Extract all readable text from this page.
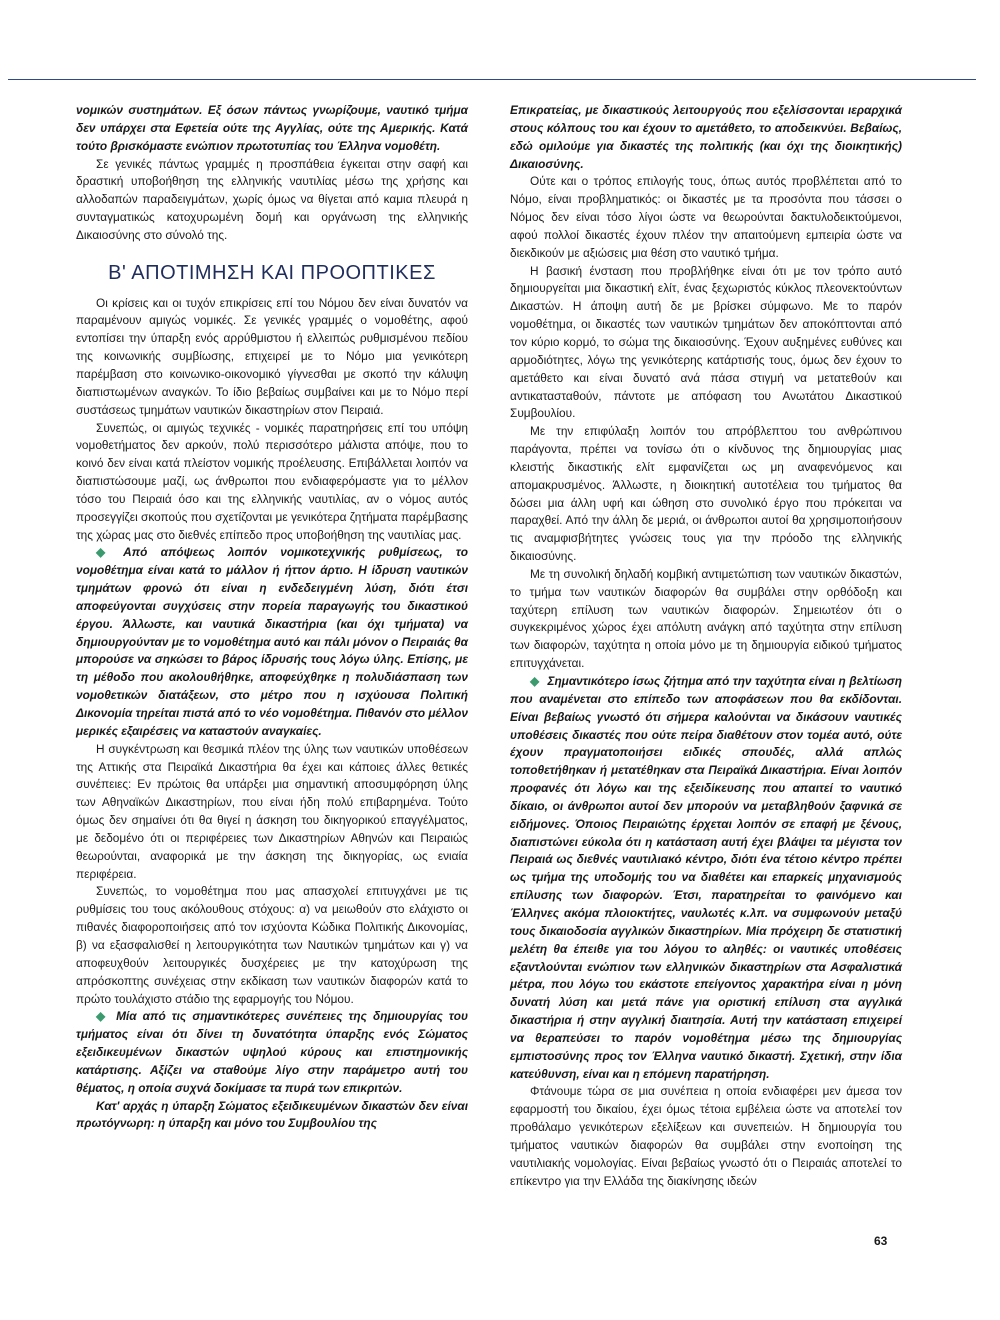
νομικών συστημάτων. Εξ όσων πάντως γνωρίζουμε, ναυτικό τμήμα δεν υπάρχει στα Εφετεία ούτε της Αγγλίας, ούτε της Αμερικής. Κατά τούτο βρισκόμαστε ενώπιον πρωτοτυπίας του Έλληνα νομοθέτη.

Σε γενικές πάντως γραμμές η προσπάθεια έγκειται στην σαφή και δραστική υποβοήθηση της ελληνικής ναυτιλίας μέσω της χρήσης και αλλοδαπών παραδειγμάτων, χωρίς όμως να θίγεται από καμια πλευρά η συνταγματικώς κατοχυρωμένη δομή και οργάνωση της ελληνικής Δικαιοσύνης στο σύνολό της.

Β' ΑΠΟΤΙΜΗΣΗ ΚΑΙ ΠΡΟΟΠΤΙΚΕΣ

Οι κρίσεις και οι τυχόν επικρίσεις επί του Νόμου δεν είναι δυνατόν να παραμένουν αμιγώς νομικές. Σε γενικές γραμμές ο νομοθέτης, αφού εντοπίσει την ύπαρξη ενός αρρύθμιστου ή ελλειπώς ρυθμισμένου πεδίου της κοινωνικής συμβίωσης, επιχειρεί με το Νόμο μια γενικότερη παρέμβαση στο κοινωνικο-οικονομικό γίγνεσθαι με σκοπό την κάλυψη διαπιστωμένων αναγκών. Το ίδιο βεβαίως συμβαίνει και με το Νόμο περί συστάσεως τμημάτων ναυτικών δικαστηρίων στον Πειραιά.

Συνεπώς, οι αμιγώς τεχνικές - νομικές παρατηρήσεις επί του υπόψη νομοθετήματος δεν αρκούν, πολύ περισσότερο μάλιστα απόψε, που το κοινό δεν είναι κατά πλείστον νομικής προέλευσης. Επιβάλλεται λοιπόν να διαπιστώσουμε μαζί, ως άνθρωποι που ενδιαφερόμαστε για το μέλλον τόσο του Πειραιά όσο και της ελληνικής ναυτιλίας, αν ο νόμος αυτός προσεγγίζει σκοπούς που σχετίζονται με γενικότερα ζητήματα παρέμβασης της χώρας μας στο διεθνές επίπεδο προς υποβοήθηση της ναυτιλίας μας.

◆ Από απόψεως λοιπόν νομικοτεχνικής ρυθμίσεως, το νομοθέτημα είναι κατά το μάλλον ή ήττον άρτιο. Η ίδρυση ναυτικών τμημάτων φρονώ ότι είναι η ενδεδειγμένη λύση, διότι έτσι αποφεύγονται συγχύσεις στην πορεία παραγωγής του δικαστικού έργου. Άλλωστε, και ναυτικά δικαστήρια (και όχι τμήματα) να δημιουργούνταν με το νομοθέτημα αυτό και πάλι μόνον ο Πειραιάς θα μπορούσε να σηκώσει το βάρος ίδρυσής τους λόγω ύλης. Επίσης, με τη μέθοδο που ακολουθήθηκε, αποφεύχθηκε η πολυδιάσπαση των νομοθετικών διατάξεων, στο μέτρο που η ισχύουσα Πολιτική Δικονομία τηρείται πιστά από το νέο νομοθέτημα. Πιθανόν στο μέλλον μερικές εξαιρέσεις να καταστούν αναγκαίες.

Η συγκέντρωση και θεσμικά πλέον της ύλης των ναυτικών υποθέσεων της Αττικής στα Πειραϊκά Δικαστήρια θα έχει και κάποιες άλλες θετικές συνέπειες: Εν πρώτοις θα υπάρξει μια σημαντική αποσυμφόρηση ύλης των Αθηναϊκών Δικαστηρίων, που είναι ήδη πολύ επιβαρημένα. Τούτο όμως δεν σημαίνει ότι θα θιγεί η άσκηση του δικηγορικού επαγγέλματος, με δεδομένο ότι οι περιφέρειες των Δικαστηρίων Αθηνών και Πειραιώς θεωρούνται, αναφορικά με την άσκηση της δικηγορίας, ως ενιαία περιφέρεια.

Συνεπώς, το νομοθέτημα που μας απασχολεί επιτυγχάνει με τις ρυθμίσεις του τους ακόλουθους στόχους: α) να μειωθούν στο ελάχιστο οι πιθανές διαφοροποιήσεις από τον ισχύοντα Κώδικα Πολιτικής Δικονομίας, β) να εξασφαλισθεί η λειτουργικότητα των Ναυτικών τμημάτων και γ) να αποφευχθούν λειτουργικές δυσχέρειες με την κατοχύρωση της απρόσκοπτης συνέχειας στην εκδίκαση των ναυτικών διαφορών κατά το πρώτο τουλάχιστο στάδιο της εφαρμογής του Νόμου.

◆ Μία από τις σημαντικότερες συνέπειες της δημιουργίας του τμήματος είναι ότι δίνει τη δυνατότητα ύπαρξης ενός Σώματος εξειδικευμένων δικαστών υψηλού κύρους και επιστημονικής κατάρτισης. Αξίζει να σταθούμε λίγο στην παράμετρο αυτή του θέματος, η οποία συχνά δοκίμασε τα πυρά των επικριτών.

Κατ' αρχάς η ύπαρξη Σώματος εξειδικευμένων δικαστών δεν είναι πρωτόγνωρη: η ύπαρξη και μόνο του Συμβουλίου της

Επικρατείας, με δικαστικούς λειτουργούς που εξελίσσονται ιεραρχικά στους κόλπους του και έχουν το αμετάθετο, το αποδεικνύει. Βεβαίως, εδώ ομιλούμε για δικαστές της πολιτικής (και όχι της διοικητικής) Δικαιοσύνης.

Ούτε και ο τρόπος επιλογής τους, όπως αυτός προβλέπεται από το Νόμο, είναι προβληματικός: οι δικαστές με τα προσόντα που τάσσει ο Νόμος δεν είναι τόσο λίγοι ώστε να θεωρούνται δακτυλοδεικτούμενοι, αφού πολλοί δικαστές έχουν πλέον την απαιτούμενη εμπειρία ώστε να διεκδικούν με αξιώσεις μια θέση στο ναυτικό τμήμα.

Η βασική ένσταση που προβλήθηκε είναι ότι με τον τρόπο αυτό δημιουργείται μια δικαστική ελίτ, ένας ξεχωριστός κύκλος πλεονεκτούντων Δικαστών. Η άποψη αυτή δε με βρίσκει σύμφωνο. Με το παρόν νομοθέτημα, οι δικαστές των ναυτικών τμημάτων δεν αποκόπτονται από τον κύριο κορμό, το σώμα της δικαιοσύνης. Έχουν αυξημένες ευθύνες και αρμοδιότητες, λόγω της γενικότερης κατάρτισής τους, όμως δεν έχουν το αμετάθετο και είναι δυνατό ανά πάσα στιγμή να μετατεθούν και αντικατασταθούν, πάντοτε με απόφαση του Ανωτάτου Δικαστικού Συμβουλίου.

Με την επιφύλαξη λοιπόν του απρόβλεπτου του ανθρώπινου παράγοντα, πρέπει να τονίσω ότι ο κίνδυνος της δημιουργίας μιας κλειστής δικαστικής ελίτ εμφανίζεται ως μη αναφενόμενος και απομακρυσμένος. Άλλωστε, η διοικητική αυτοτέλεια του τμήματος θα δώσει μια άλλη υφή και ώθηση στο συνολικό έργο που πρόκειται να παραχθεί. Από την άλλη δε μεριά, οι άνθρωποι αυτοί θα χρησιμοποιήσουν τις αναμφισβήτητες γνώσεις τους για την πρόοδο της ελληνικής δικαιοσύνης.

Με τη συνολική δηλαδή κομβική αντιμετώπιση των ναυτικών δικαστών, το τμήμα των ναυτικών διαφορών θα συμβάλει στην ορθόδοξη και ταχύτερη επίλυση των ναυτικών διαφορών. Σημειωτέον ότι ο συγκεκριμένος χώρος έχει απόλυτη ανάγκη από ταχύτητα στην επίλυση των διαφορών, ταχύτητα η οποία μόνο με τη δημιουργία ειδικού τμήματος επιτυγχάνεται.

◆ Σημαντικότερο ίσως ζήτημα από την ταχύτητα είναι η βελτίωση που αναμένεται στο επίπεδο των αποφάσεων που θα εκδίδονται. Είναι βεβαίως γνωστό ότι σήμερα καλούνται να δικάσουν ναυτικές υποθέσεις δικαστές που ούτε πείρα διαθέτουν στον τομέα αυτό, ούτε έχουν πραγματοποιήσει ειδικές σπουδές, αλλά απλώς τοποθετήθηκαν ή μετατέθηκαν στα Πειραϊκά Δικαστήρια. Είναι λοιπόν προφανές ότι λόγω και της εξειδίκευσης που απαιτεί το ναυτικό δίκαιο, οι άνθρωποι αυτοί δεν μπορούν να μεταβληθούν ξαφνικά σε ειδήμονες. Όποιος Πειραιώτης έρχεται λοιπόν σε επαφή με ξένους, διαπιστώνει εύκολα ότι η κατάσταση αυτή έχει βλάψει τα μέγιστα τον Πειραιά ως διεθνές ναυτιλιακό κέντρο, διότι ένα τέτοιο κέντρο πρέπει ως τμήμα της υποδομής του να διαθέτει και επαρκείς μηχανισμούς επίλυσης των διαφορών. Έτσι, παρατηρείται το φαινόμενο και Έλληνες ακόμα πλοιοκτήτες, ναυλωτές κ.λπ. να συμφωνούν μεταξύ τους δικαιοδοσία αγγλικών δικαστηρίων. Μία πρόχειρη δε στατιστική μελέτη θα έπειθε για του λόγου το αληθές: οι ναυτικές υποθέσεις εξαντλούνται ενώπιον των ελληνικών δικαστηρίων στα Ασφαλιστικά μέτρα, που λόγω του εκάστοτε επείγοντος χαρακτήρα είναι η μόνη δυνατή λύση και μετά πάνε για οριστική επίλυση στα αγγλικά δικαστήρια ή στην αγγλική διαιτησία. Αυτή την κατάσταση επιχειρεί να θεραπεύσει το παρόν νομοθέτημα μέσω της δημιουργίας εμπιστοσύνης προς τον Έλληνα ναυτικό δικαστή. Σχετική, στην ίδια κατεύθυνση, είναι και η επόμενη παρατήρηση.

Φτάνουμε τώρα σε μια συνέπεια η οποία ενδιαφέρει μεν άμεσα τον εφαρμοστή του δικαίου, έχει όμως τέτοια εμβέλεια ώστε να αποτελεί τον προθάλαμο γενικότερων εξελίξεων και συνεπειών. Η δημιουργία του τμήματος ναυτικών διαφορών θα συμβάλει στην ενοποίηση της ναυτιλιακής νομολογίας. Είναι βεβαίως γνωστό ότι ο Πειραιάς αποτελεί το επίκεντρο για την Ελλάδα της διακίνησης ιδεών

63
